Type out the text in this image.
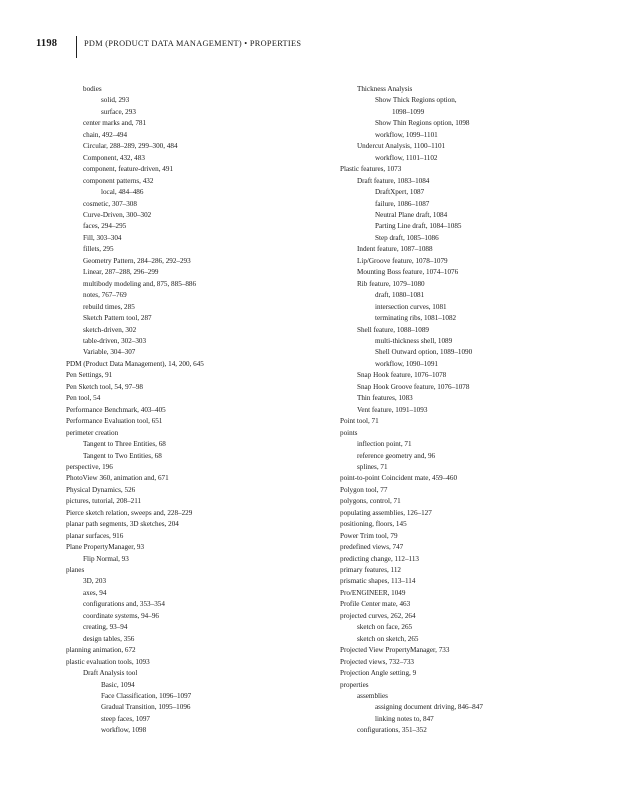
1198	PDM (PRODUCT DATA MANAGEMENT) • PROPERTIES
bodies
solid, 293
surface, 293
center marks and, 781
chain, 492–494
Circular, 288–289, 299–300, 484
Component, 432, 483
component, feature-driven, 491
component patterns, 432
local, 484–486
cosmetic, 307–308
Curve-Driven, 300–302
faces, 294–295
Fill, 303–304
fillets, 295
Geometry Pattern, 284–286, 292–293
Linear, 287–288, 296–299
multibody modeling and, 875, 885–886
notes, 767–769
rebuild times, 285
Sketch Pattern tool, 287
sketch-driven, 302
table-driven, 302–303
Variable, 304–307
PDM (Product Data Management), 14, 200, 645
Pen Settings, 91
Pen Sketch tool, 54, 97–98
Pen tool, 54
Performance Benchmark, 403–405
Performance Evaluation tool, 651
perimeter creation
Tangent to Three Entities, 68
Tangent to Two Entities, 68
perspective, 196
PhotoView 360, animation and, 671
Physical Dynamics, 526
pictures, tutorial, 208–211
Pierce sketch relation, sweeps and, 228–229
planar path segments, 3D sketches, 204
planar surfaces, 916
Plane PropertyManager, 93
Flip Normal, 93
planes
3D, 203
axes, 94
configurations and, 353–354
coordinate systems, 94–96
creating, 93–94
design tables, 356
planning animation, 672
plastic evaluation tools, 1093
Draft Analysis tool
Basic, 1094
Face Classification, 1096–1097
Gradual Transition, 1095–1096
steep faces, 1097
workflow, 1098
Thickness Analysis
Show Thick Regions option,
1098–1099
Show Thin Regions option, 1098
workflow, 1099–1101
Undercut Analysis, 1100–1101
workflow, 1101–1102
Plastic features, 1073
Draft feature, 1083–1084
DraftXpert, 1087
failure, 1086–1087
Neutral Plane draft, 1084
Parting Line draft, 1084–1085
Step draft, 1085–1086
Indent feature, 1087–1088
Lip/Groove feature, 1078–1079
Mounting Boss feature, 1074–1076
Rib feature, 1079–1080
draft, 1080–1081
intersection curves, 1081
terminating ribs, 1081–1082
Shell feature, 1088–1089
multi-thickness shell, 1089
Shell Outward option, 1089–1090
workflow, 1090–1091
Snap Hook feature, 1076–1078
Snap Hook Groove feature, 1076–1078
Thin features, 1083
Vent feature, 1091–1093
Point tool, 71
points
inflection point, 71
reference geometry and, 96
splines, 71
point-to-point Coincident mate, 459–460
Polygon tool, 77
polygons, control, 71
populating assemblies, 126–127
positioning, floors, 145
Power Trim tool, 79
predefined views, 747
predicting change, 112–113
primary features, 112
prismatic shapes, 113–114
Pro/ENGINEER, 1049
Profile Center mate, 463
projected curves, 262, 264
sketch on face, 265
sketch on sketch, 265
Projected View PropertyManager, 733
Projected views, 732–733
Projection Angle setting, 9
properties
assemblies
assigning document driving, 846–847
linking notes to, 847
configurations, 351–352
